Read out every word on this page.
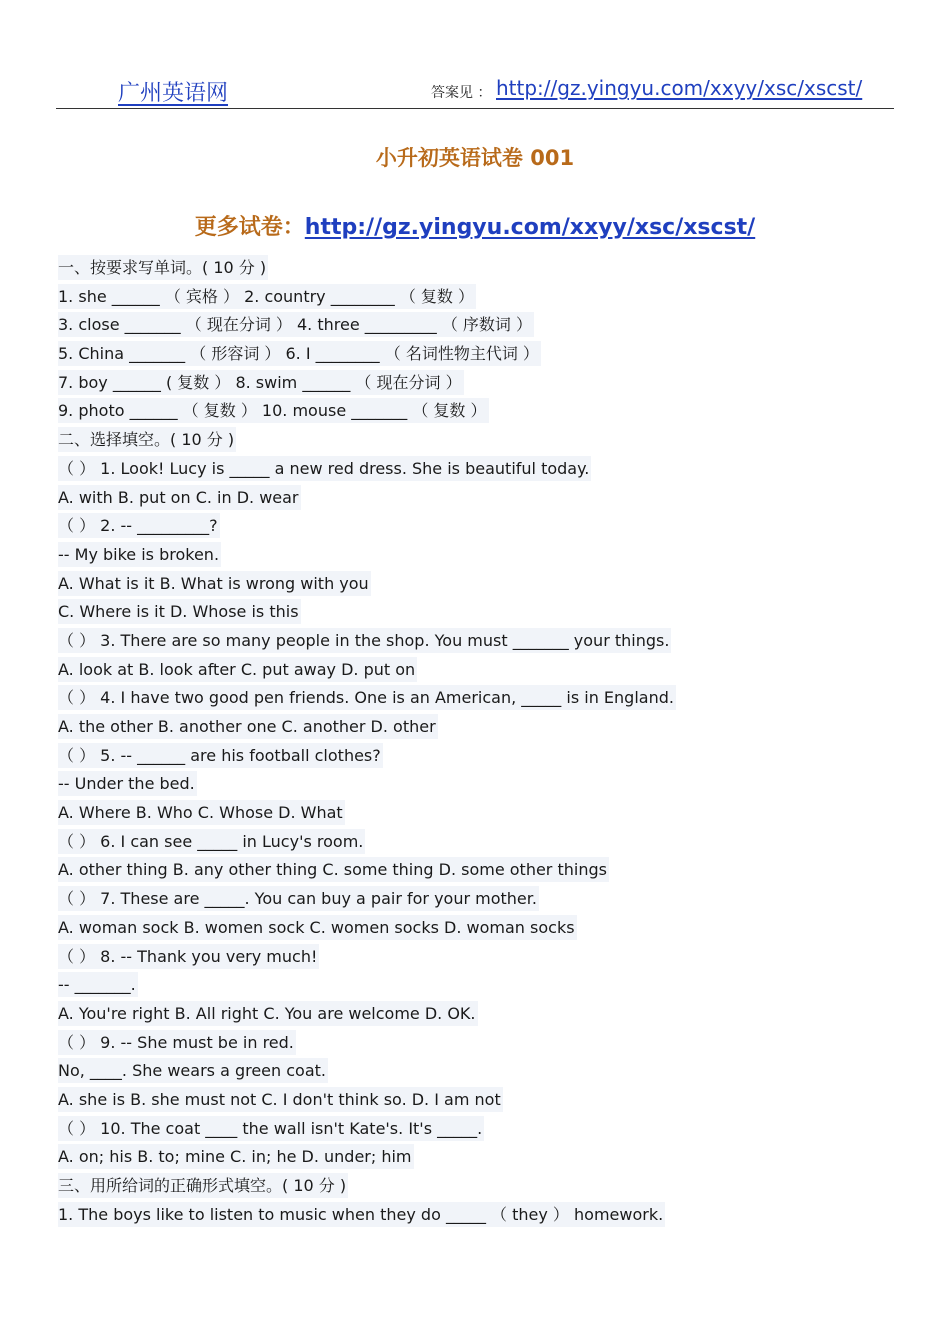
广州英语网	答案见 ： http://gz.yingyu.com/xxyy/xsc/xscst/
小升初英语试卷 001
更多试卷：http://gz.yingyu.com/xxyy/xsc/xscst/
一、按要求写单词。( 10 分 )
1. she ______ （ 宾格 ） 2. country ________ （ 复数 ）
3. close _______ （ 现在分词 ） 4. three _________ （ 序数词 ）
5. China _______ （ 形容词 ） 6. I ________ （ 名词性物主代词 ）
7. boy ______ ( 复数 ） 8. swim ______ （ 现在分词 ）
9. photo ______ （ 复数 ） 10. mouse _______ （ 复数 ）
二、选择填空。( 10 分 )
（ ） 1. Look! Lucy is _____ a new red dress. She is beautiful today.
A. with B. put on C. in D. wear
（ ） 2. -- _________?
-- My bike is broken.
A. What is it B. What is wrong with you
C. Where is it D. Whose is this
（ ） 3. There are so many people in the shop. You must _______ your things.
A. look at B. look after C. put away D. put on
（ ） 4. I have two good pen friends. One is an American, _____ is in England.
A. the other B. another one C. another D. other
（ ） 5. -- ______ are his football clothes?
-- Under the bed.
A. Where B. Who C. Whose D. What
（ ） 6. I can see _____ in Lucy's room.
A. other thing B. any other thing C. some thing D. some other things
（ ） 7. These are _____. You can buy a pair for your mother.
A. woman sock B. women sock C. women socks D. woman socks
（ ） 8. -- Thank you very much!
-- _______.
A. You're right B. All right C. You are welcome D. OK.
（ ） 9. -- She must be in red.
No, ____. She wears a green coat.
A. she is B. she must not C. I don't think so. D. I am not
（ ） 10. The coat ____ the wall isn't Kate's. It's _____.
A. on; his B. to; mine C. in; he D. under; him
三、用所给词的正确形式填空。( 10 分 )
1. The boys like to listen to music when they do _____ （ they ） homework.
